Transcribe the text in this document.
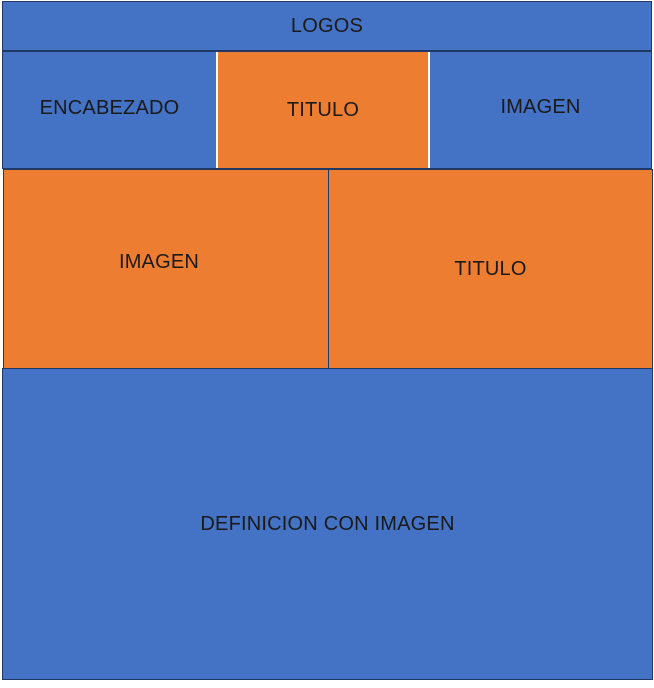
LOGOS
ENCABEZADO	TITULO	IMAGEN
IMAGEN	TITULO
DEFINICION CON IMAGEN
